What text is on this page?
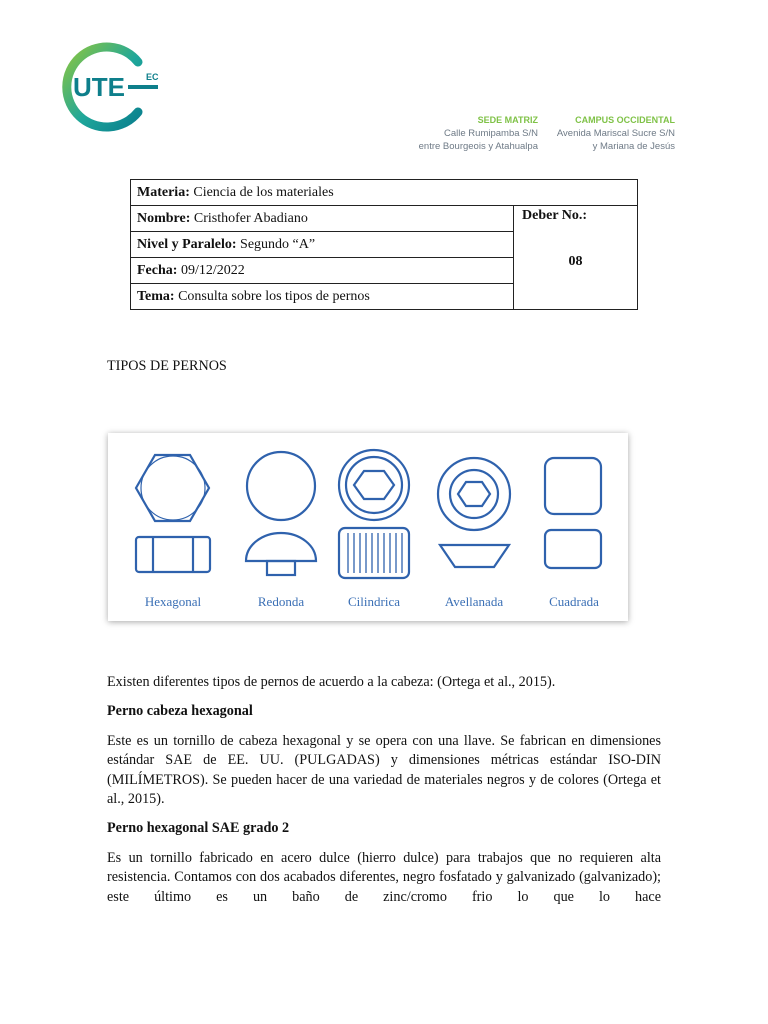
UTE EC
SEDE MATRIZ
Calle Rumipamba S/N
entre Bourgeois y Atahualpa
CAMPUS OCCIDENTAL
Avenida Mariscal Sucre S/N
y Mariana de Jesús
Materia: Ciencia de los materiales
Nombre: Cristhofer Abadiano	Deber No.:
08

Nivel y Paralelo: Segundo “A”
Fecha: 09/12/2022
Tema: Consulta sobre los tipos de pernos
TIPOS DE PERNOS
Hexagonal	Redonda	Cilindrica	Avellanada	Cuadrada
Existen diferentes tipos de pernos de acuerdo a la cabeza: (Ortega et al., 2015).
Perno cabeza hexagonal
Este es un tornillo de cabeza hexagonal y se opera con una llave. Se fabrican en dimensiones estándar SAE de EE. UU. (PULGADAS) y dimensiones métricas estándar ISO-DIN (MILÍMETROS). Se pueden hacer de una variedad de materiales negros y de colores (Ortega et al., 2015).
Perno hexagonal SAE grado 2
Es un tornillo fabricado en acero dulce (hierro dulce) para trabajos que no requieren alta resistencia. Contamos con dos acabados diferentes, negro fosfatado y galvanizado (galvanizado); este último es un baño de zinc/cromo frio lo que lo hace
